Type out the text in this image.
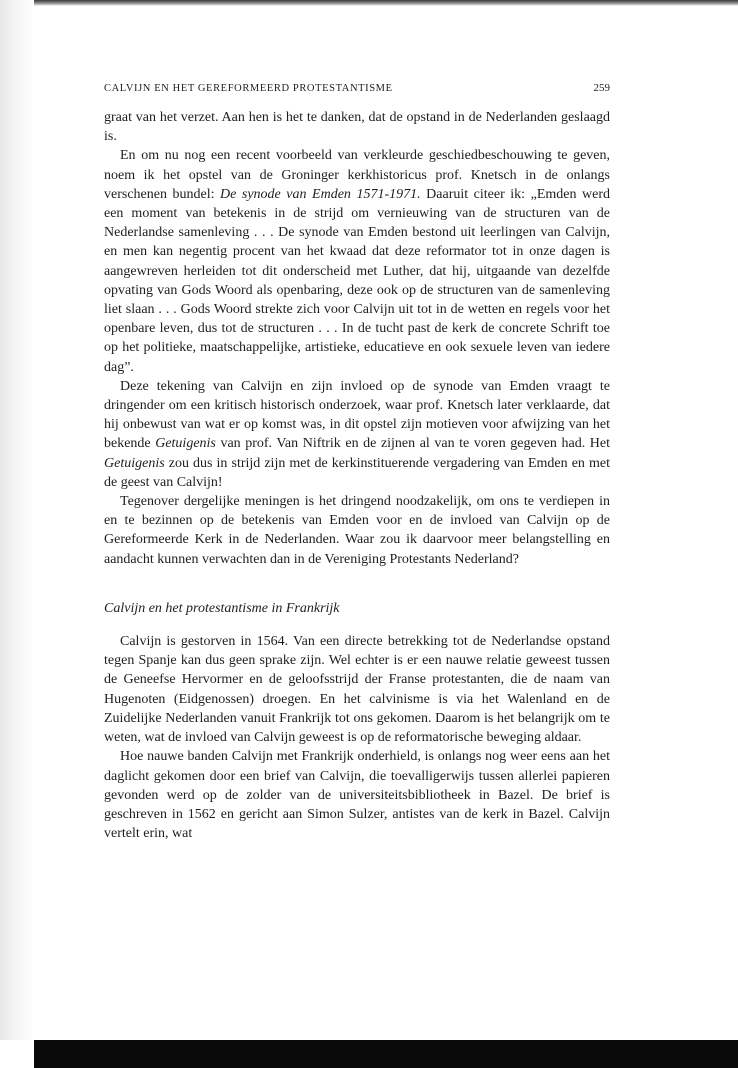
CALVIJN EN HET GEREFORMEERD PROTESTANTISME	259

graat van het verzet. Aan hen is het te danken, dat de opstand in de Nederlanden geslaagd is.

En om nu nog een recent voorbeeld van verkleurde geschiedbeschouwing te geven, noem ik het opstel van de Groninger kerkhistoricus prof. Knetsch in de onlangs verschenen bundel: De synode van Emden 1571-1971. Daaruit citeer ik: „Emden werd een moment van betekenis in de strijd om vernieuwing van de structuren van de Nederlandse samenleving . . . De synode van Emden bestond uit leerlingen van Calvijn, en men kan negentig procent van het kwaad dat deze reformator tot in onze dagen is aangewreven herleiden tot dit onderscheid met Luther, dat hij, uitgaande van dezelfde opvating van Gods Woord als openbaring, deze ook op de structuren van de samenleving liet slaan . . . Gods Woord strekte zich voor Calvijn uit tot in de wetten en regels voor het openbare leven, dus tot de structuren . . . In de tucht past de kerk de concrete Schrift toe op het politieke, maatschappelijke, artistieke, educatieve en ook sexuele leven van iedere dag”.

Deze tekening van Calvijn en zijn invloed op de synode van Emden vraagt te dringender om een kritisch historisch onderzoek, waar prof. Knetsch later verklaarde, dat hij onbewust van wat er op komst was, in dit opstel zijn motieven voor afwijzing van het bekende Getuigenis van prof. Van Niftrik en de zijnen al van te voren gegeven had. Het Getuigenis zou dus in strijd zijn met de kerkinstituerende vergadering van Emden en met de geest van Calvijn!

Tegenover dergelijke meningen is het dringend noodzakelijk, om ons te verdiepen in en te bezinnen op de betekenis van Emden voor en de invloed van Calvijn op de Gereformeerde Kerk in de Nederlanden. Waar zou ik daarvoor meer belangstelling en aandacht kunnen verwachten dan in de Vereniging Protestants Nederland?

Calvijn en het protestantisme in Frankrijk

Calvijn is gestorven in 1564. Van een directe betrekking tot de Nederlandse opstand tegen Spanje kan dus geen sprake zijn. Wel echter is er een nauwe relatie geweest tussen de Geneefse Hervormer en de geloofsstrijd der Franse protestanten, die de naam van Hugenoten (Eidgenossen) droegen. En het calvinisme is via het Walenland en de Zuidelijke Nederlanden vanuit Frankrijk tot ons gekomen. Daarom is het belangrijk om te weten, wat de invloed van Calvijn geweest is op de reformatorische beweging aldaar.

Hoe nauwe banden Calvijn met Frankrijk onderhield, is onlangs nog weer eens aan het daglicht gekomen door een brief van Calvijn, die toevalligerwijs tussen allerlei papieren gevonden werd op de zolder van de universiteitsbibliotheek in Bazel. De brief is geschreven in 1562 en gericht aan Simon Sulzer, antistes van de kerk in Bazel. Calvijn vertelt erin, wat
